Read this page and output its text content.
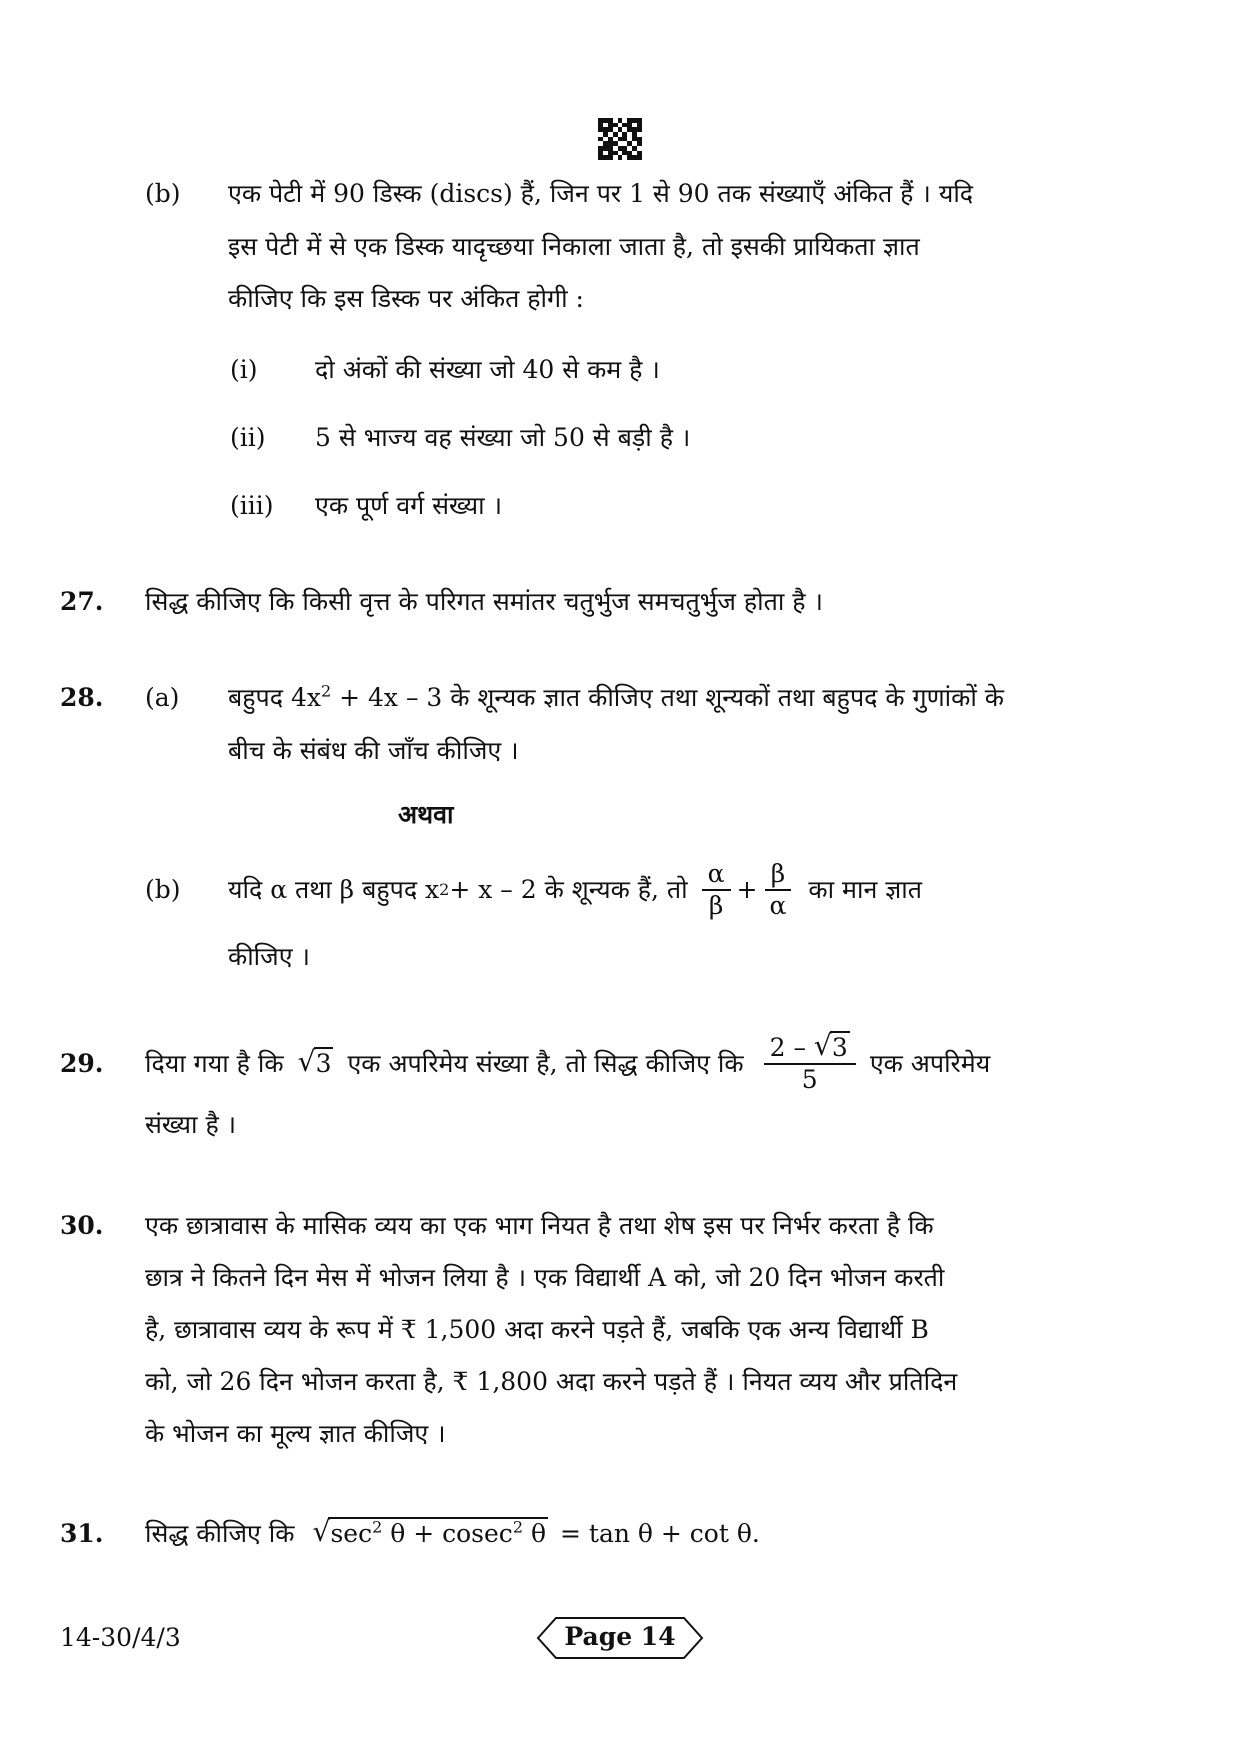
(b) एक पेटी में 90 डिस्क (discs) हैं, जिन पर 1 से 90 तक संख्याएँ अंकित हैं । यदि
इस पेटी में से एक डिस्क यादृच्छया निकाला जाता है, तो इसकी प्रायिकता ज्ञात
कीजिए कि इस डिस्क पर अंकित होगी :
(i) दो अंकों की संख्या जो 40 से कम है ।
(ii) 5 से भाज्य वह संख्या जो 50 से बड़ी है ।
(iii) एक पूर्ण वर्ग संख्या ।
27. सिद्ध कीजिए कि किसी वृत्त के परिगत समांतर चतुर्भुज समचतुर्भुज होता है ।
28. (a) बहुपद $4x^2 + 4x - 3$ के शून्यक ज्ञात कीजिए तथा शून्यकों तथा बहुपद के गुणांकों के
बीच के संबंध की जाँच कीजिए ।
अथवा
(b) यदि α तथा β बहुपद x 2 + x – 2 के शून्यक हैं, तो $\frac{\alpha}{\beta} + \frac{\beta}{\alpha}$ का मान ज्ञात
कीजिए ।
29. दिया गया है कि √ 3 एक अपरिमेय संख्या है, तो सिद्ध कीजिए कि $\frac{2 - √ 3}{5}$ एक अपरिमेय
संख्या है ।
30. एक छात्रावास के मासिक व्यय का एक भाग नियत है तथा शेष इस पर निर्भर करता है कि
छात्र ने कितने दिन मेस में भोजन लिया है । एक विद्यार्थी A को, जो 20 दिन भोजन करती
है, छात्रावास व्यय के रूप में ₹ 1,500 अदा करने पड़ते हैं, जबकि एक अन्य विद्यार्थी B
को, जो 26 दिन भोजन करता है, ₹ 1,800 अदा करने पड़ते हैं । नियत व्यय और प्रतिदिन
के भोजन का मूल्य ज्ञात कीजिए ।
31. सिद्ध कीजिए कि √ $\sec^2 \theta + cosec^2$ θ = tan θ + cot θ.
14-30/4/3	Page 14
